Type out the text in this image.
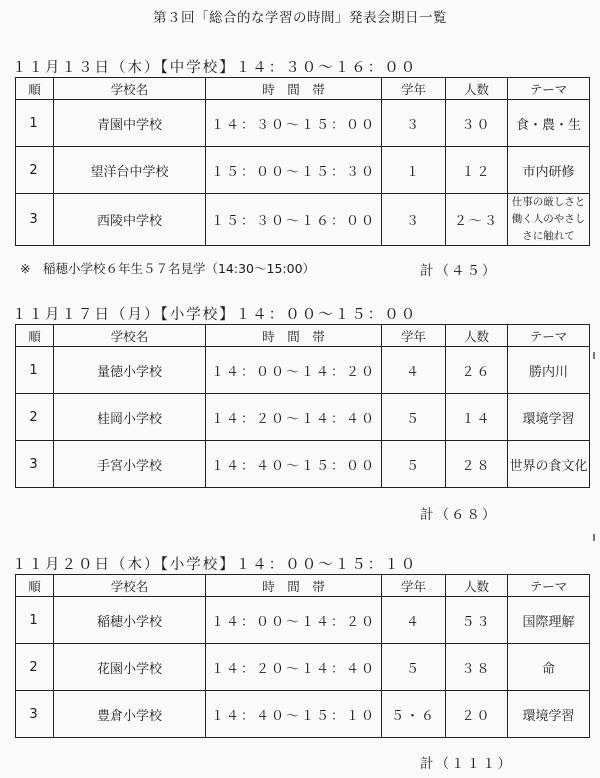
第３回「総合的な学習の時間」発表会期日一覧
１１月１３日（木）【中学校】１４：３０～１６：００
順	学校名	時　間　帯	学年	人数	テーマ
1	青園中学校	１４：３０～１５：００	３	３０	食・農・生
2	望洋台中学校	１５：００～１５：３０	１	１２	市内研修
3	西陵中学校	１５：３０～１６：００	３	２～３	仕事の厳しさと働く人のやさしさに触れて
※　稲穂小学校６年生５７名見学（14:30～15:00）	計（４５）
１１月１７日（月）【小学校】１４：００～１５：００
順	学校名	時　間　帯	学年	人数	テーマ
1	量徳小学校	１４：００～１４：２０	４	２６	勝内川
2	桂岡小学校	１４：２０～１４：４０	５	１４	環境学習
3	手宮小学校	１４：４０～１５：００	５	２８	世界の食文化
計（６８）
１１月２０日（木）【小学校】１４：００～１５：１０
順	学校名	時　間　帯	学年	人数	テーマ
1	稲穂小学校	１４：００～１４：２０	４	５３	国際理解
2	花園小学校	１４：２０～１４：４０	５	３８	命
3	豊倉小学校	１４：４０～１５：１０	５・６	２０	環境学習
計（１１１）
